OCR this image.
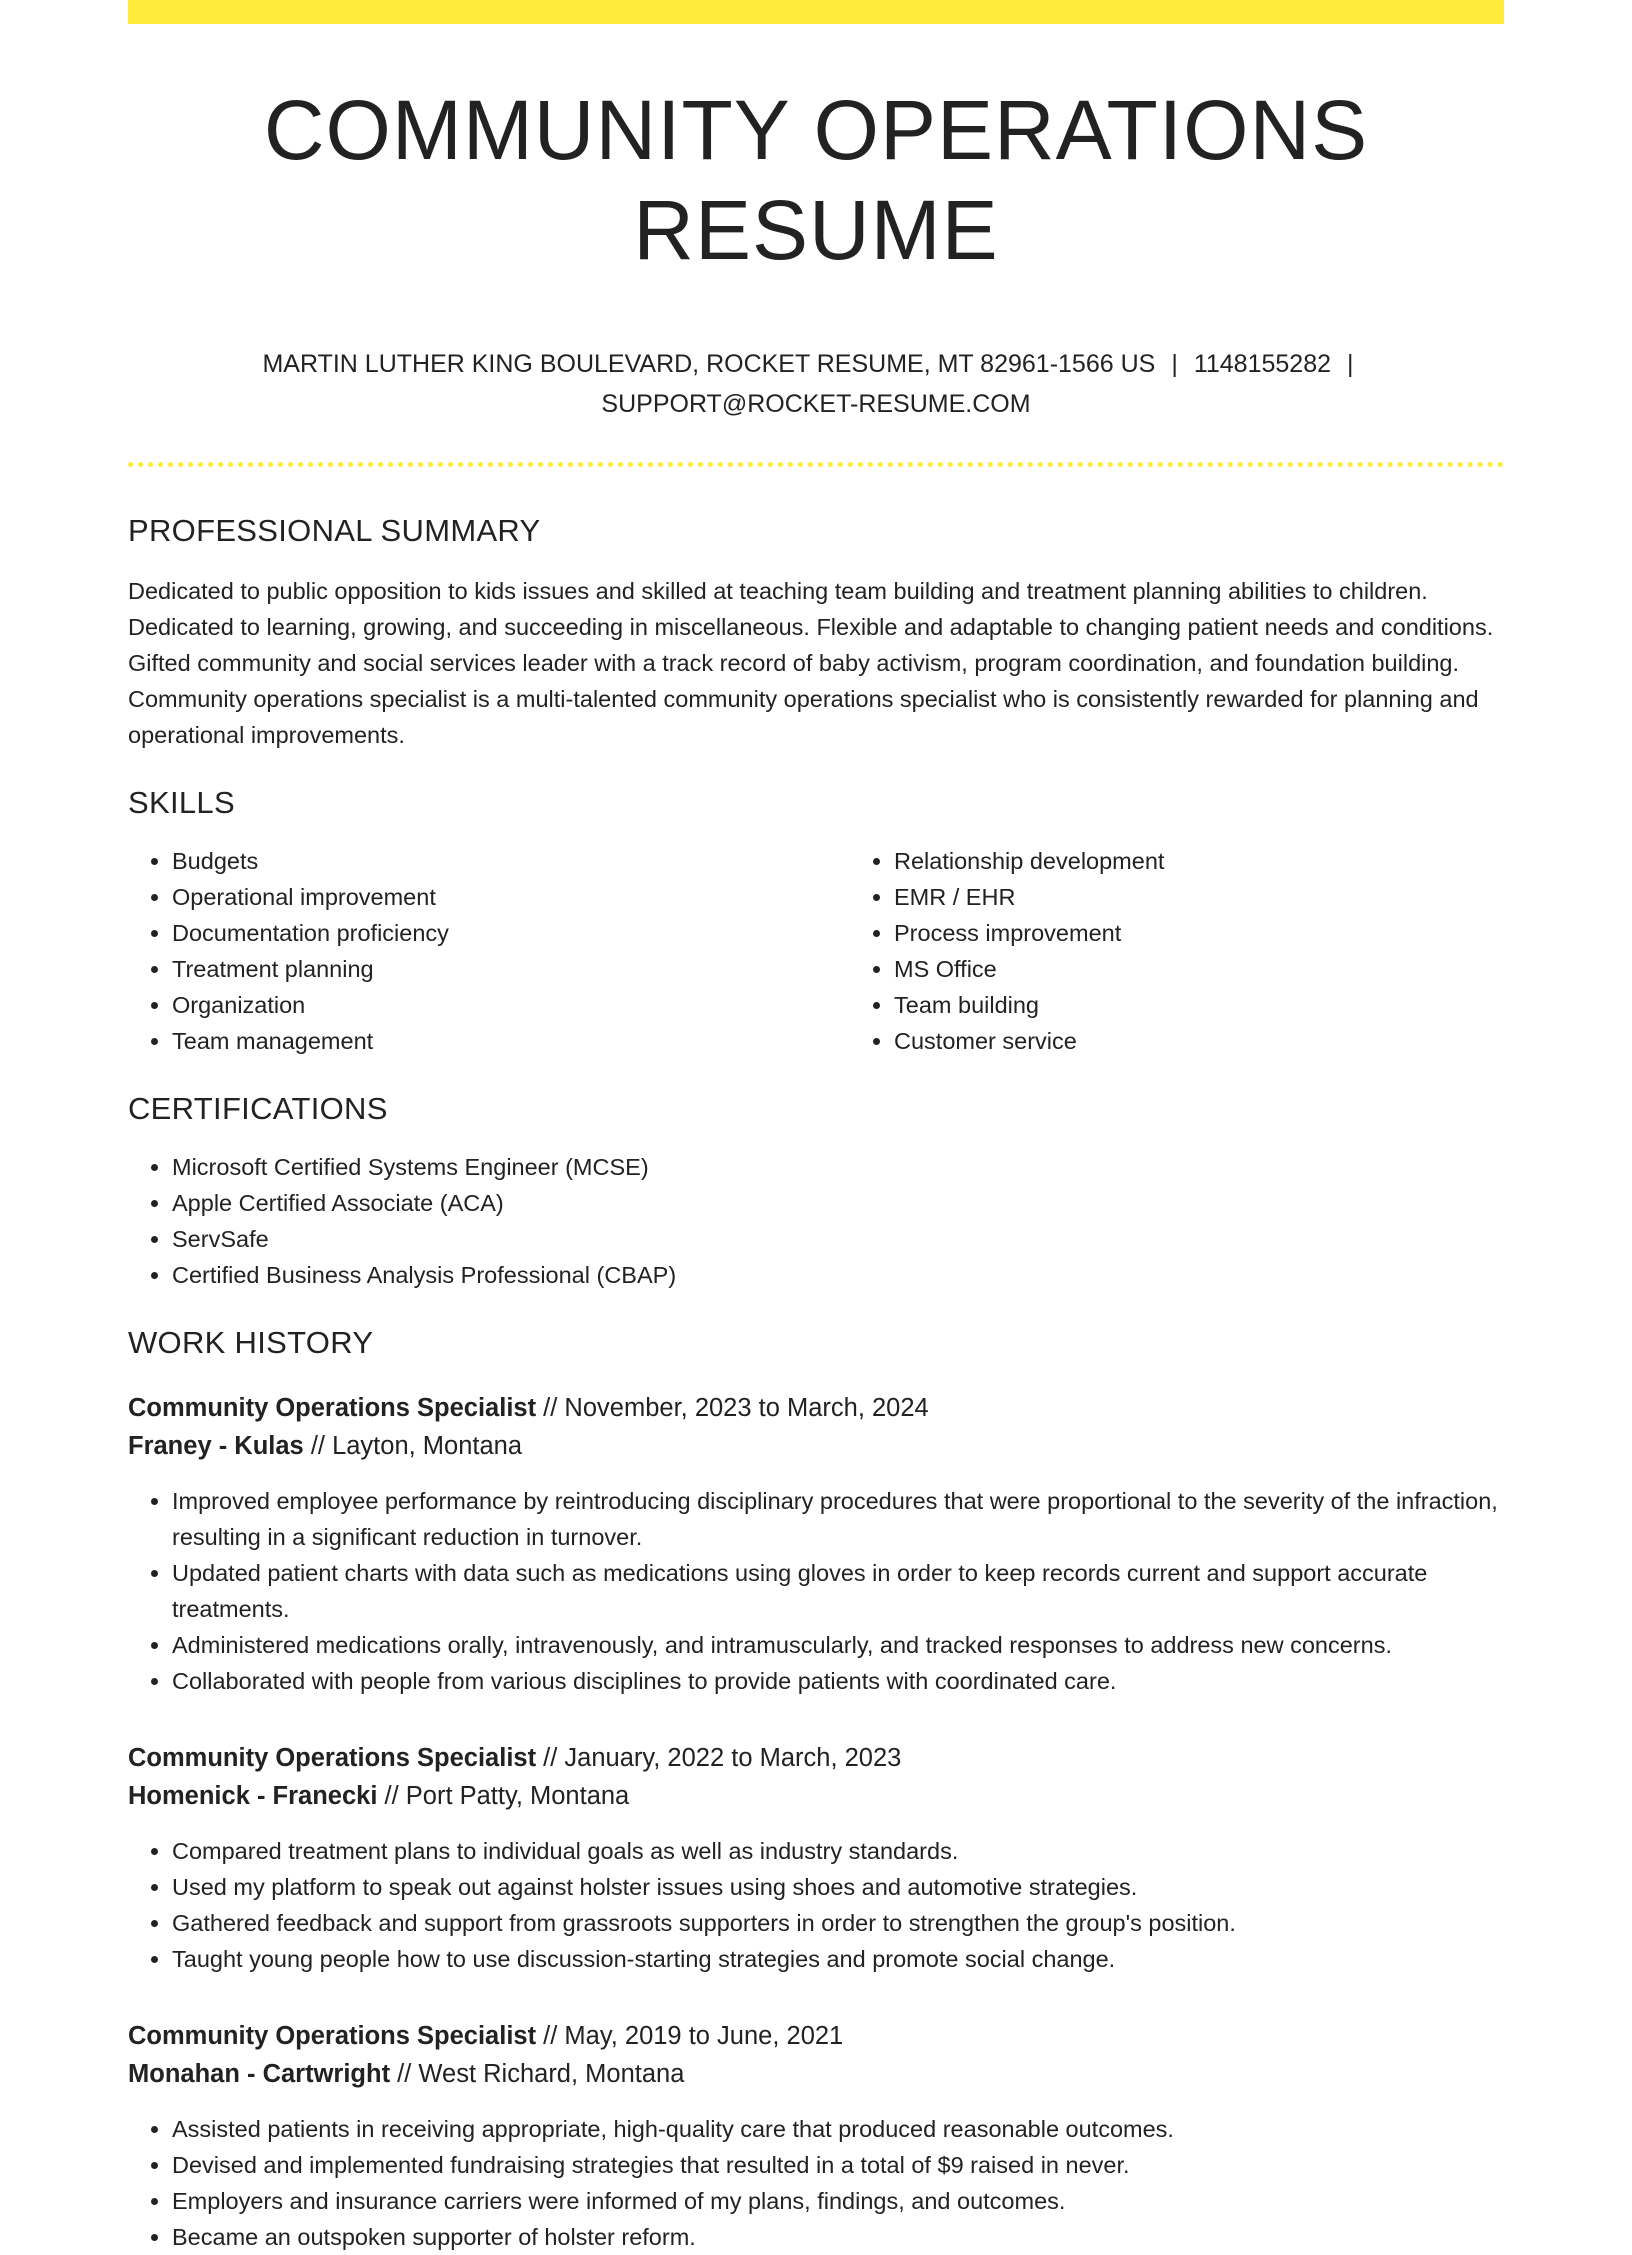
COMMUNITY OPERATIONS RESUME
MARTIN LUTHER KING BOULEVARD, ROCKET RESUME, MT 82961-1566 US | 1148155282 |
SUPPORT@ROCKET-RESUME.COM
PROFESSIONAL SUMMARY

Dedicated to public opposition to kids issues and skilled at teaching team building and treatment planning abilities to children. Dedicated to learning, growing, and succeeding in miscellaneous. Flexible and adaptable to changing patient needs and conditions. Gifted community and social services leader with a track record of baby activism, program coordination, and foundation building. Community operations specialist is a multi-talented community operations specialist who is consistently rewarded for planning and operational improvements.

SKILLS
• Budgets
• Operational improvement
• Documentation proficiency
• Treatment planning
• Organization
• Team management
• Relationship development
• EMR / EHR
• Process improvement
• MS Office
• Team building
• Customer service
CERTIFICATIONS
• Microsoft Certified Systems Engineer (MCSE)
• Apple Certified Associate (ACA)
• ServSafe
• Certified Business Analysis Professional (CBAP)
WORK HISTORY
Community Operations Specialist // November, 2023 to March, 2024
Franey - Kulas // Layton, Montana
• Improved employee performance by reintroducing disciplinary procedures that were proportional to the severity of the infraction, resulting in a significant reduction in turnover.
• Updated patient charts with data such as medications using gloves in order to keep records current and support accurate treatments.
• Administered medications orally, intravenously, and intramuscularly, and tracked responses to address new concerns.
• Collaborated with people from various disciplines to provide patients with coordinated care.
Community Operations Specialist // January, 2022 to March, 2023
Homenick - Franecki // Port Patty, Montana
• Compared treatment plans to individual goals as well as industry standards.
• Used my platform to speak out against holster issues using shoes and automotive strategies.
• Gathered feedback and support from grassroots supporters in order to strengthen the group's position.
• Taught young people how to use discussion-starting strategies and promote social change.
Community Operations Specialist // May, 2019 to June, 2021
Monahan - Cartwright // West Richard, Montana
• Assisted patients in receiving appropriate, high-quality care that produced reasonable outcomes.
• Devised and implemented fundraising strategies that resulted in a total of $9 raised in never.
• Employers and insurance carriers were informed of my plans, findings, and outcomes.
• Became an outspoken supporter of holster reform.
